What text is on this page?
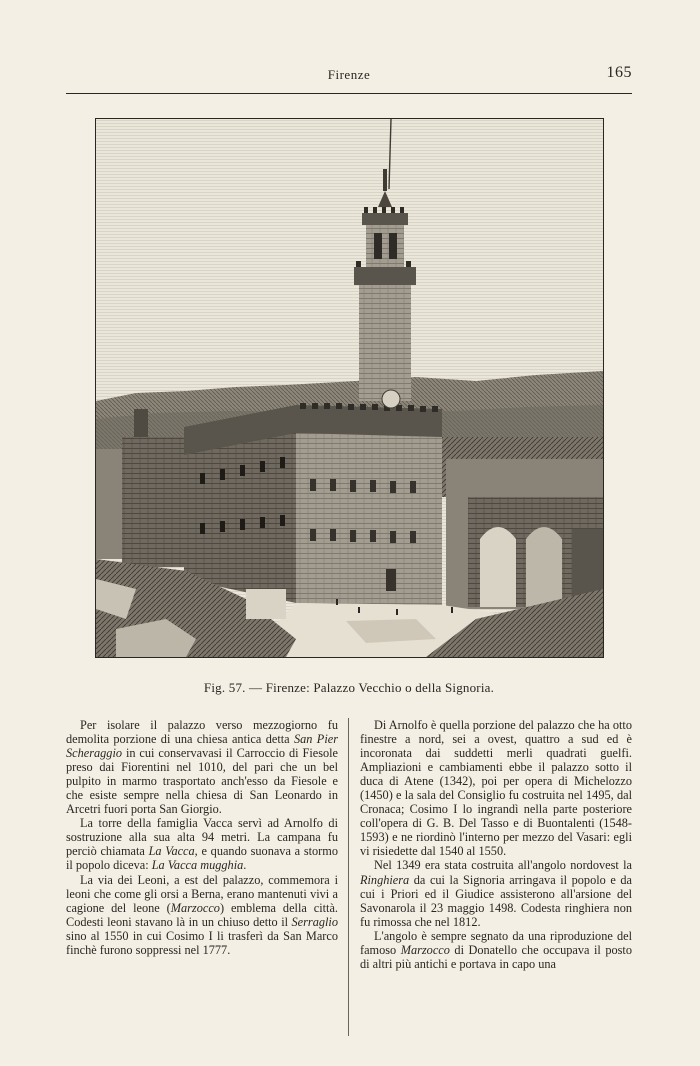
Firenze	165
Fig. 57. — Firenze: Palazzo Vecchio o della Signoria.

Per isolare il palazzo verso mezzogiorno fu demolita porzione di una chiesa antica detta San Pier Scheraggio in cui conservavasi il Carroccio di Fiesole preso dai Fiorentini nel 1010, del pari che un bel pulpito in marmo trasportato anch'esso da Fiesole e che esiste sempre nella chiesa di San Leonardo in Arcetri fuori porta San Giorgio.

La torre della famiglia Vacca servì ad Arnolfo di sostruzione alla sua alta 94 metri. La campana fu perciò chiamata La Vacca, e quando suonava a stormo il popolo diceva: La Vacca mugghia.

La via dei Leoni, a est del palazzo, commemora i leoni che come gli orsi a Berna, erano mantenuti vivi a cagione del leone (Marzocco) emblema della città. Codesti leoni stavano là in un chiuso detto il Serraglio sino al 1550 in cui Cosimo I li trasferì da San Marco finchè furono soppressi nel 1777.

Di Arnolfo è quella porzione del palazzo che ha otto finestre a nord, sei a ovest, quattro a sud ed è incoronata dai suddetti merli quadrati guelfi. Ampliazioni e cambiamenti ebbe il palazzo sotto il duca di Atene (1342), poi per opera di Michelozzo (1450) e la sala del Consiglio fu costruita nel 1495, dal Cronaca; Cosimo I lo ingrandì nella parte posteriore coll'opera di G. B. Del Tasso e di Buontalenti (1548-1593) e ne riordinò l'interno per mezzo del Vasari: egli vi risiedette dal 1540 al 1550.

Nel 1349 era stata costruita all'angolo nordovest la Ringhiera da cui la Signoria arringava il popolo e da cui i Priori ed il Giudice assisterono all'arsione del Savonarola il 23 maggio 1498. Codesta ringhiera non fu rimossa che nel 1812.

L'angolo è sempre segnato da una riproduzione del famoso Marzocco di Donatello che occupava il posto di altri più antichi e portava in capo una
